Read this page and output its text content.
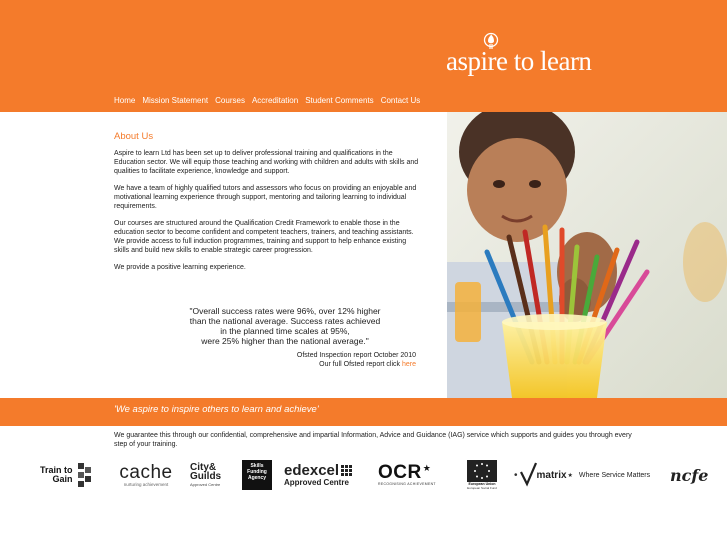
aspire to learn
Home Mission Statement Courses Accreditation Student Comments Contact Us
About Us

Aspire to learn Ltd has been set up to deliver professional training and qualifications in the Education sector. We will equip those teaching and working with children and adults with skills and qualities to facilitate experience, knowledge and support.

We have a team of highly qualified tutors and assessors who focus on providing an enjoyable and motivational learning experience through support, mentoring and tailoring learning to individual requirements.

Our courses are structured around the Qualification Credit Framework to enable those in the education sector to become confident and competent teachers, trainers, and teaching assistants. We provide access to full induction programmes, training and support to help enhance existing skills and build new skills to enable strategic career progression.

We provide a positive learning experience.

"Overall success rates were 96%, over 12% higher
than the national average. Success rates achieved
in the planned time scales at 95%,
were 25% higher than the national average."
Ofsted Inspection report October 2010
Our full Ofsted report click here
'We aspire to inspire others to learn and achieve'
We guarantee this through our confidential, comprehensive and impartial Information, Advice and Guidance (IAG) service which supports and guides you through every step of your training.
Train to
Gain cache
nurturing achievement
City&
Guilds
Approved Centre
Skills
Funding
Agency edexcel
Approved Centre OCR ★
RECOGNISING ACHIEVEMENT	European Union
European Social Fund
• matrix ★ Where Service Matters ncfe
